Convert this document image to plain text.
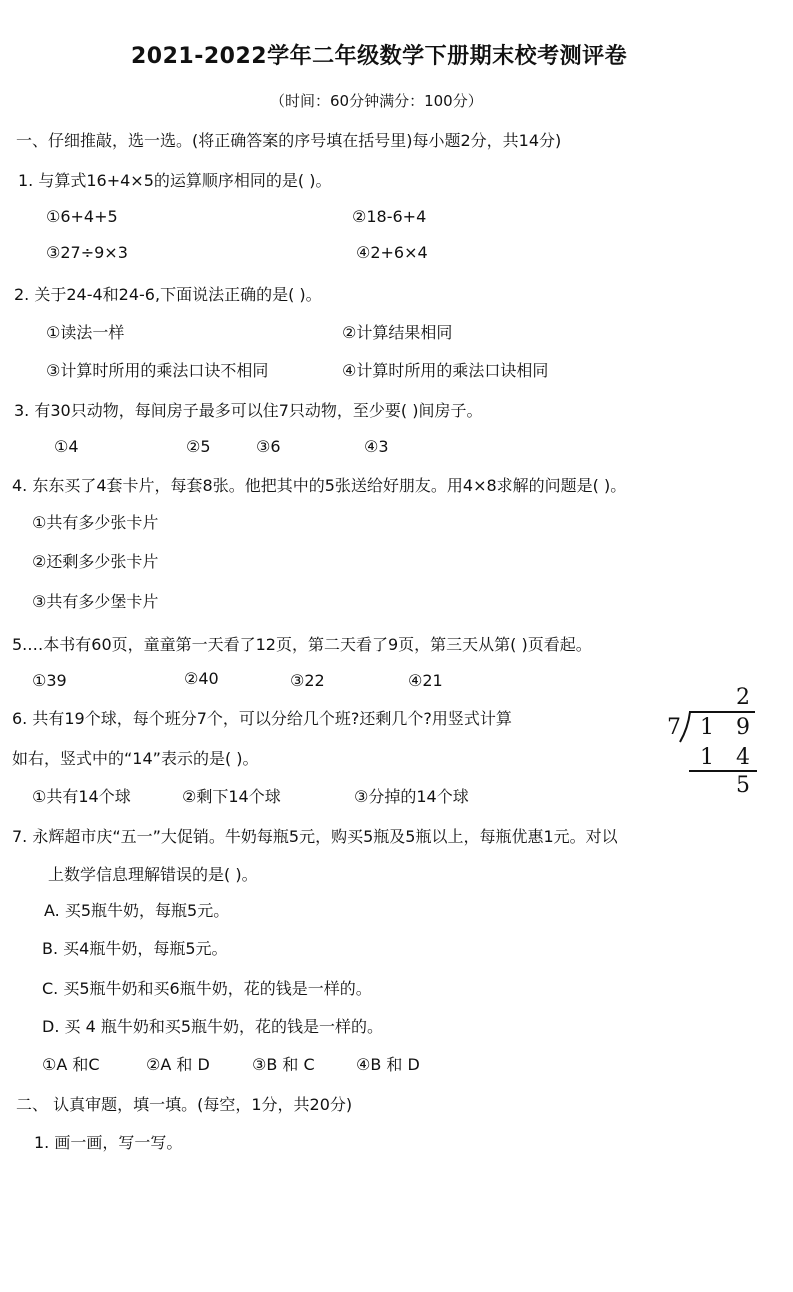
2021-2022学年二年级数学下册期末校考测评卷
（时间：60分钟满分：100分）
一、仔细推敲，选一选。(将正确答案的序号填在括号里)每小题2分，共14分)
1. 与算式16+4×5的运算顺序相同的是( )。
①6+4+5	②18-6+4
③27÷9×3	④2+6×4
2. 关于24-4和24-6,下面说法正确的是( )。
①读法一样	②计算结果相同
③计算时所用的乘法口诀不相同	④计算时所用的乘法口诀相同
3. 有30只动物，每间房子最多可以住7只动物，至少要( )间房子。
①4	②5	③6	④3
4. 东东买了4套卡片，每套8张。他把其中的5张送给好朋友。用4×8求解的问题是( )。
①共有多少张卡片
②还剩多少张卡片
③共有多少堡卡片
5.…本书有60页，童童第一天看了12页，第二天看了9页，第三天从第( )页看起。
①39	②40	③22	④21
6. 共有19个球，每个班分7个，可以分给几个班?还剩几个?用竖式计算
如右，竖式中的“14”表示的是( )。
①共有14个球	②剩下14个球	③分掉的14个球
2
7 1 9
1 4
5
7. 永辉超市庆“五一”大促销。牛奶每瓶5元，购买5瓶及5瓶以上，每瓶优惠1元。对以
上数学信息理解错误的是( )。
A. 买5瓶牛奶，每瓶5元。
B. 买4瓶牛奶，每瓶5元。
C. 买5瓶牛奶和买6瓶牛奶，花的钱是一样的。
D. 买 4 瓶牛奶和买5瓶牛奶，花的钱是一样的。
①A 和C	②A 和 D	③B 和 C	④B 和 D
二、 认真审题，填一填。(每空，1分，共20分)
1. 画一画，写一写。
